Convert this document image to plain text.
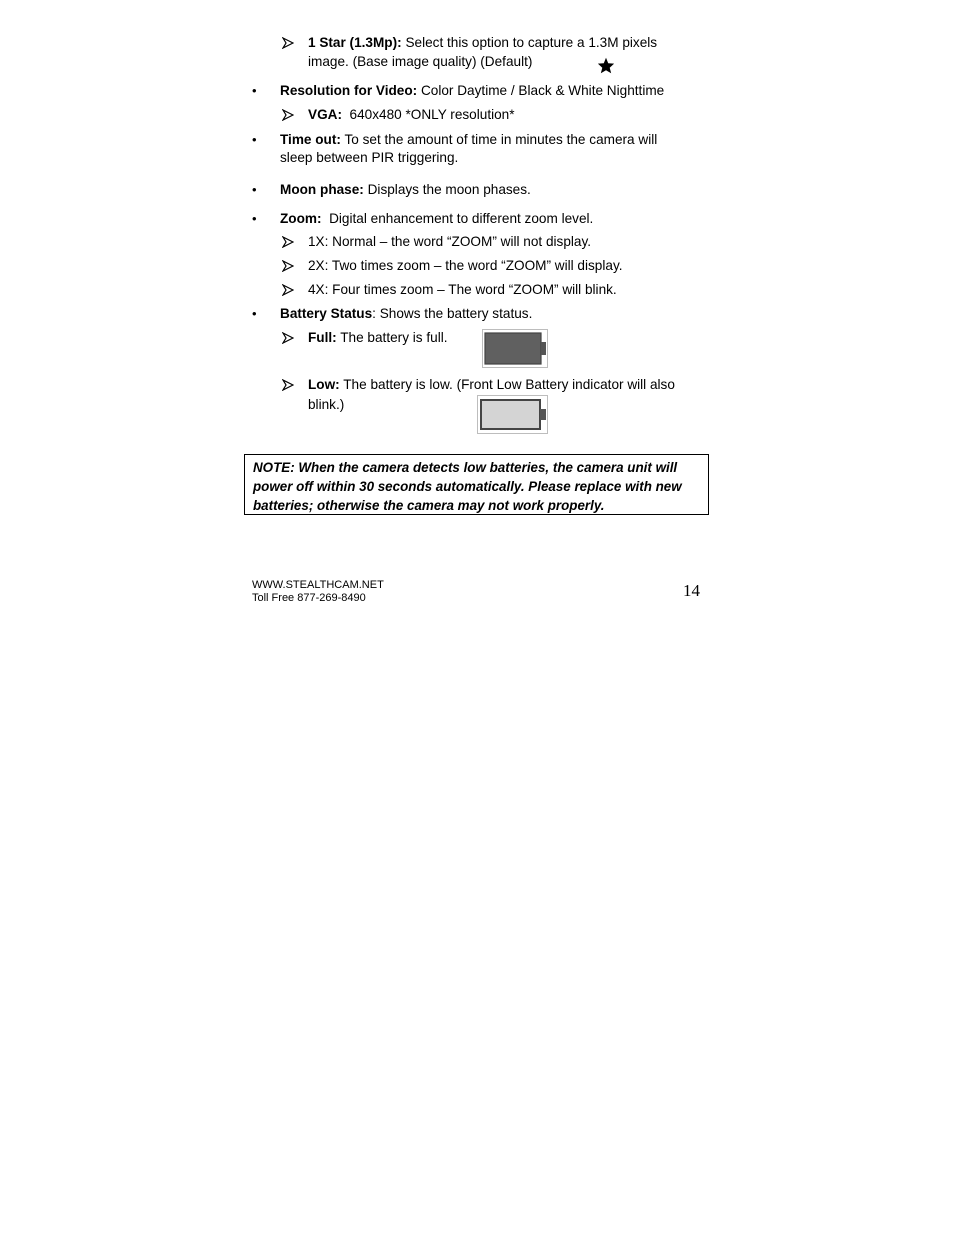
1 Star (1.3Mp): Select this option to capture a 1.3M pixels
image. (Base image quality) (Default)
• Resolution for Video: Color Daytime / Black & White Nighttime
VGA:  640x480 *ONLY resolution*
• Time out: To set the amount of time in minutes the camera will
sleep between PIR triggering.
• Moon phase: Displays the moon phases.
• Zoom:  Digital enhancement to different zoom level.
1X: Normal – the word “ZOOM” will not display.
2X: Two times zoom – the word “ZOOM” will display.
4X: Four times zoom – The word “ZOOM” will blink.
• Battery Status: Shows the battery status.
Full: The battery is full.
Low: The battery is low. (Front Low Battery indicator will also
blink.)
NOTE: When the camera detects low batteries, the camera unit will power off within 30 seconds automatically. Please replace with new batteries; otherwise the camera may not work properly.
WWW.STEALTHCAM.NET
Toll Free 877-269-8490	14
